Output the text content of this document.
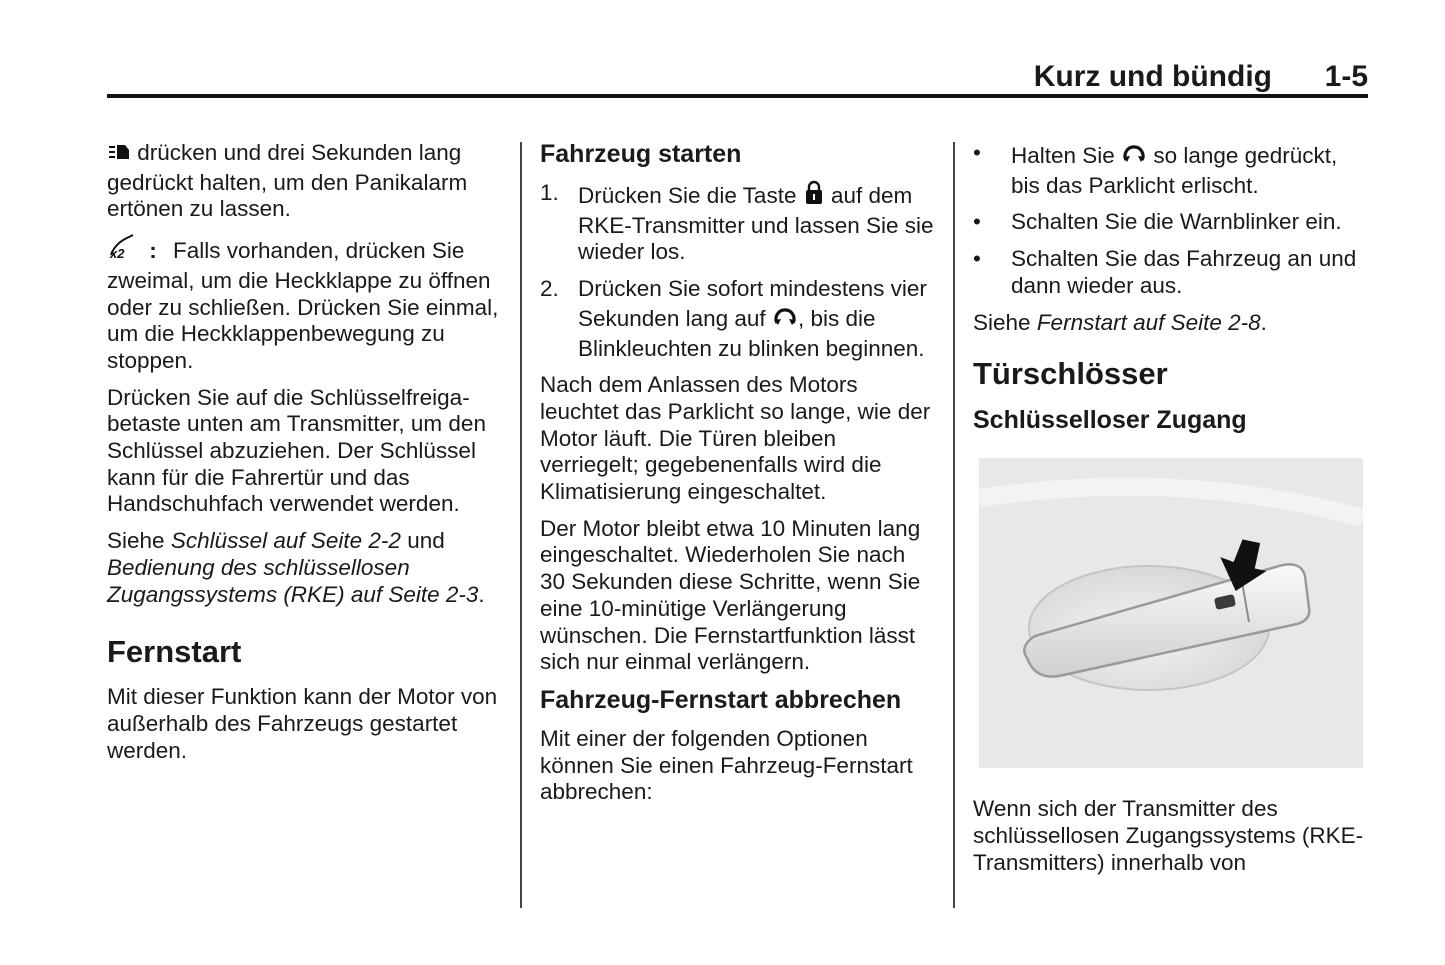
Kurz und bündig 1-5

drücken und drei Sekunden lang gedrückt halten, um den Panikalarm ertönen zu lassen.

x2 : Falls vorhanden, drücken Sie zweimal, um die Heckklappe zu öffnen oder zu schließen. Drücken Sie einmal, um die Heckklappenbewegung zu stoppen.

Drücken Sie auf die Schlüsselfreigabetaste unten am Transmitter, um den Schlüssel abzuziehen. Der Schlüssel kann für die Fahrertür und das Handschuhfach verwendet werden.

Siehe Schlüssel auf Seite 2-2 und Bedienung des schlüssellosen Zugangssystems (RKE) auf Seite 2-3.

Fernstart

Mit dieser Funktion kann der Motor von außerhalb des Fahrzeugs gestartet werden.

Fahrzeug starten
1. Drücken Sie die Taste auf dem RKE-Transmitter und lassen Sie sie wieder los.
2. Drücken Sie sofort mindestens vier Sekunden lang auf , bis die Blinkleuchten zu blinken beginnen.

Nach dem Anlassen des Motors leuchtet das Parklicht so lange, wie der Motor läuft. Die Türen bleiben verriegelt; gegebenenfalls wird die Klimatisierung eingeschaltet.

Der Motor bleibt etwa 10 Minuten lang eingeschaltet. Wiederholen Sie nach 30 Sekunden diese Schritte, wenn Sie eine 10-minütige Verlängerung wünschen. Die Fernstartfunktion lässt sich nur einmal verlängern.

Fahrzeug-Fernstart abbrechen

Mit einer der folgenden Optionen können Sie einen Fahrzeug-Fernstart abbrechen:

• Halten Sie so lange gedrückt, bis das Parklicht erlischt.
• Schalten Sie die Warnblinker ein.
• Schalten Sie das Fahrzeug an und dann wieder aus.

Siehe Fernstart auf Seite 2-8.

Türschlösser
Schlüsselloser Zugang

Wenn sich der Transmitter des schlüssellosen Zugangssystems (RKE-Transmitters) innerhalb von
